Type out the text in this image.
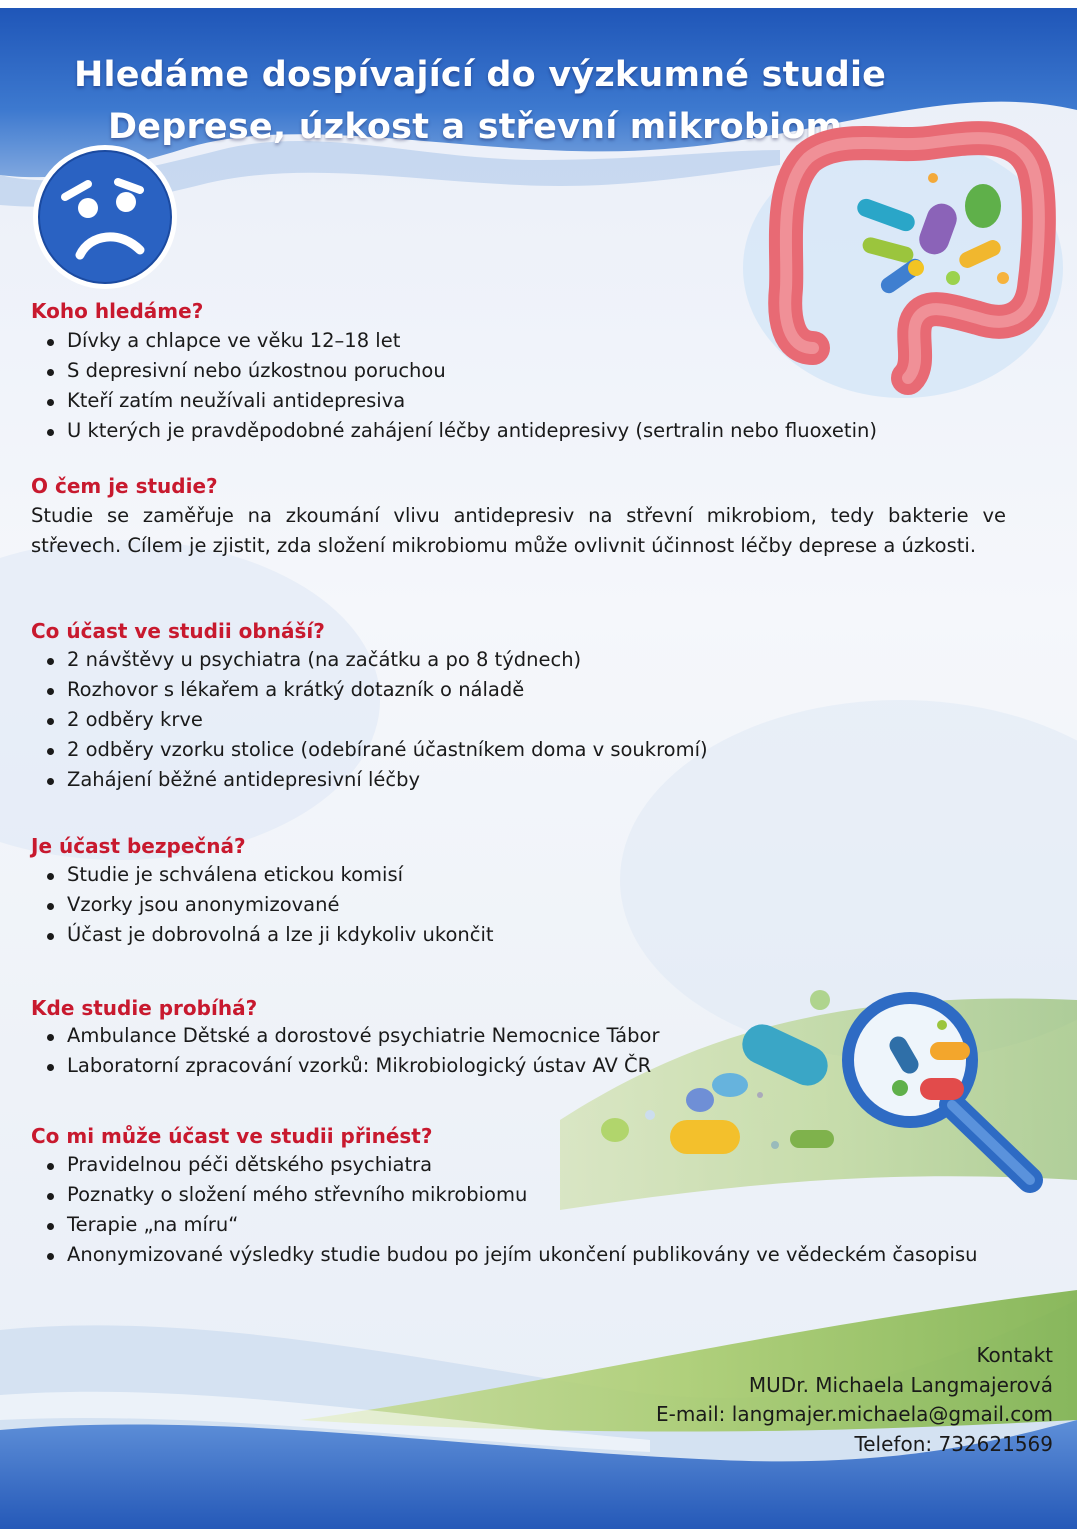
Hledáme dospívající do výzkumné studie
Deprese, úzkost a střevní mikrobiom
Koho hledáme?
Dívky a chlapce ve věku 12–18 let
S depresivní nebo úzkostnou poruchou
Kteří zatím neužívali antidepresiva
U kterých je pravděpodobné zahájení léčby antidepresivy (sertralin nebo fluoxetin)
O čem je studie?

Studie se zaměřuje na zkoumání vlivu antidepresiv na střevní mikrobiom, tedy bakterie ve střevech. Cílem je zjistit, zda složení mikrobiomu může ovlivnit účinnost léčby deprese a úzkosti.

Co účast ve studii obnáší?
2 návštěvy u psychiatra (na začátku a po 8 týdnech)
Rozhovor s lékařem a krátký dotazník o náladě
2 odběry krve
2 odběry vzorku stolice (odebírané účastníkem doma v soukromí)
Zahájení běžné antidepresivní léčby
Je účast bezpečná?
Studie je schválena etickou komisí
Vzorky jsou anonymizované
Účast je dobrovolná a lze ji kdykoliv ukončit
Kde studie probíhá?
Ambulance Dětské a dorostové psychiatrie Nemocnice Tábor
Laboratorní zpracování vzorků: Mikrobiologický ústav AV ČR
Co mi může účast ve studii přinést?
Pravidelnou péči dětského psychiatra
Poznatky o složení mého střevního mikrobiomu
Terapie „na míru“
Anonymizované výsledky studie budou po jejím ukončení publikovány ve vědeckém časopisu
Kontakt
MUDr. Michaela Langmajerová
E-mail: langmajer.michaela@gmail.com
Telefon: 732621569
